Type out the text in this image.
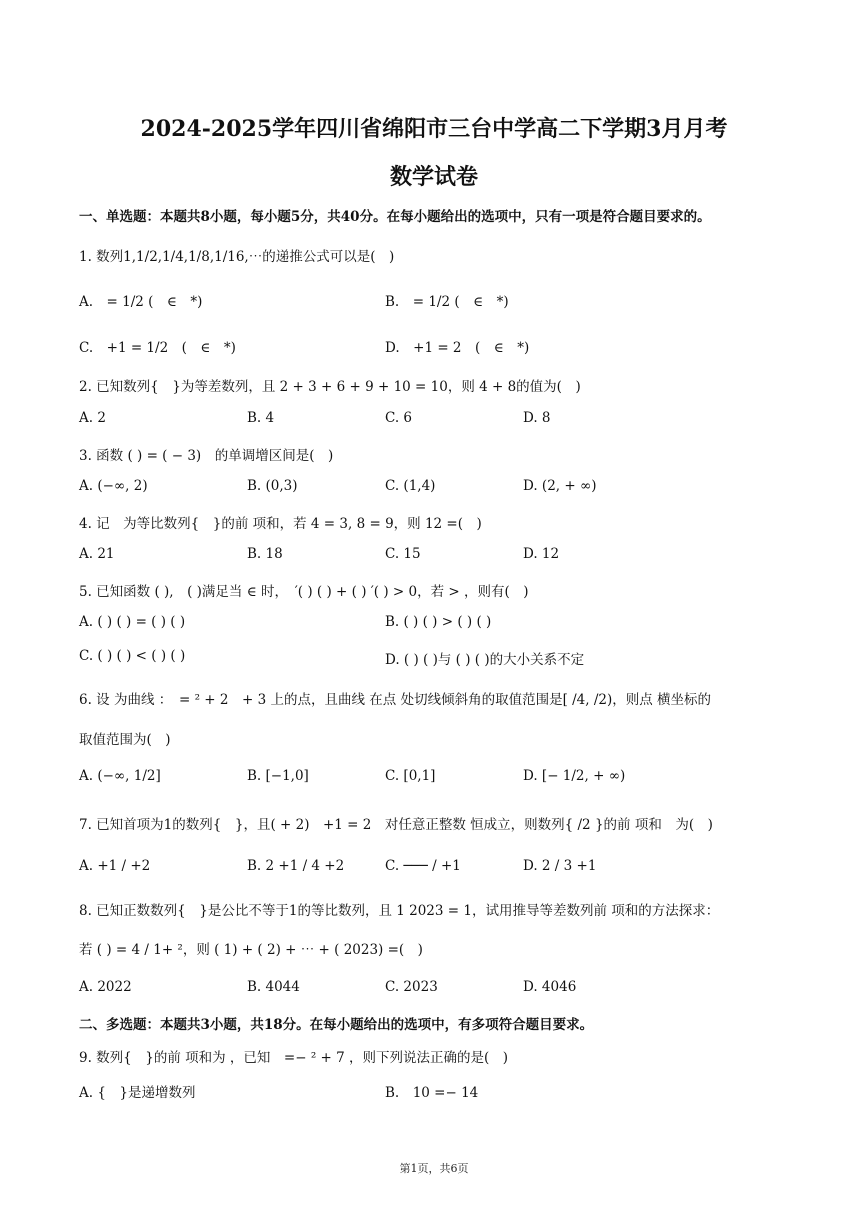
2024-2025学年四川省绵阳市三台中学高二下学期3月月考
数学试卷
一、单选题：本题共8小题，每小题5分，共40分。在每小题给出的选项中，只有一项是符合题目要求的。
1. 数列1,1/2,1/4,1/8,1/16,⋯的递推公式可以是(　)
A.　= 1/2 (　∈　*)	B.　= 1/2 (　∈　*)
C.　+1 = 1/2　(　∈　*)	D.　+1 = 2　(　∈　*)
2. 已知数列{　}为等差数列，且 2 + 3 + 6 + 9 + 10 = 10，则 4 + 8的值为(　)
A. 2	B. 4	C. 6	D. 8
3. 函数 ( ) = ( − 3)　的单调增区间是(　)
A. (−∞, 2)	B. (0,3)	C. (1,4)	D. (2, + ∞)
4. 记　为等比数列{　}的前 项和，若 4 = 3, 8 = 9，则 12 =(　)
A. 21	B. 18	C. 15	D. 12
5. 已知函数 ( ),　( )满足当 ∈ 时，　′( ) ( ) + ( ) ′( ) > 0，若 > ，则有(　)
A. ( ) ( ) = ( ) ( )	B. ( ) ( ) > ( ) ( )
C. ( ) ( ) < ( ) ( )	D. ( ) ( )与 ( ) ( )的大小关系不定
6. 设 为曲线 ：　= ² + 2　+ 3 上的点，且曲线 在点 处切线倾斜角的取值范围是[ /4, /2)，则点 横坐标的
取值范围为(　)
A. (−∞, 1/2]	B. [−1,0]	C. [0,1]	D. [− 1/2, + ∞)
7. 已知首项为1的数列{　}，且( + 2)　+1 = 2　对任意正整数 恒成立，则数列{ /2 }的前 项和　为(　)
A. +1 / +2	B. 2 +1 / 4 +2	C. ─── / +1	D. 2 / 3 +1
8. 已知正数数列{　}是公比不等于1的等比数列，且 1 2023 = 1，试用推导等差数列前 项和的方法探求：
若 ( ) = 4 / 1+ ²，则 ( 1) + ( 2) + ⋯ + ( 2023) =(　)
A. 2022	B. 4044	C. 2023	D. 4046
二、多选题：本题共3小题，共18分。在每小题给出的选项中，有多项符合题目要求。
9. 数列{　}的前 项和为 ，已知　=− ² + 7 ，则下列说法正确的是(　)
A. {　}是递增数列	B.　10 =− 14
第1页，共6页
